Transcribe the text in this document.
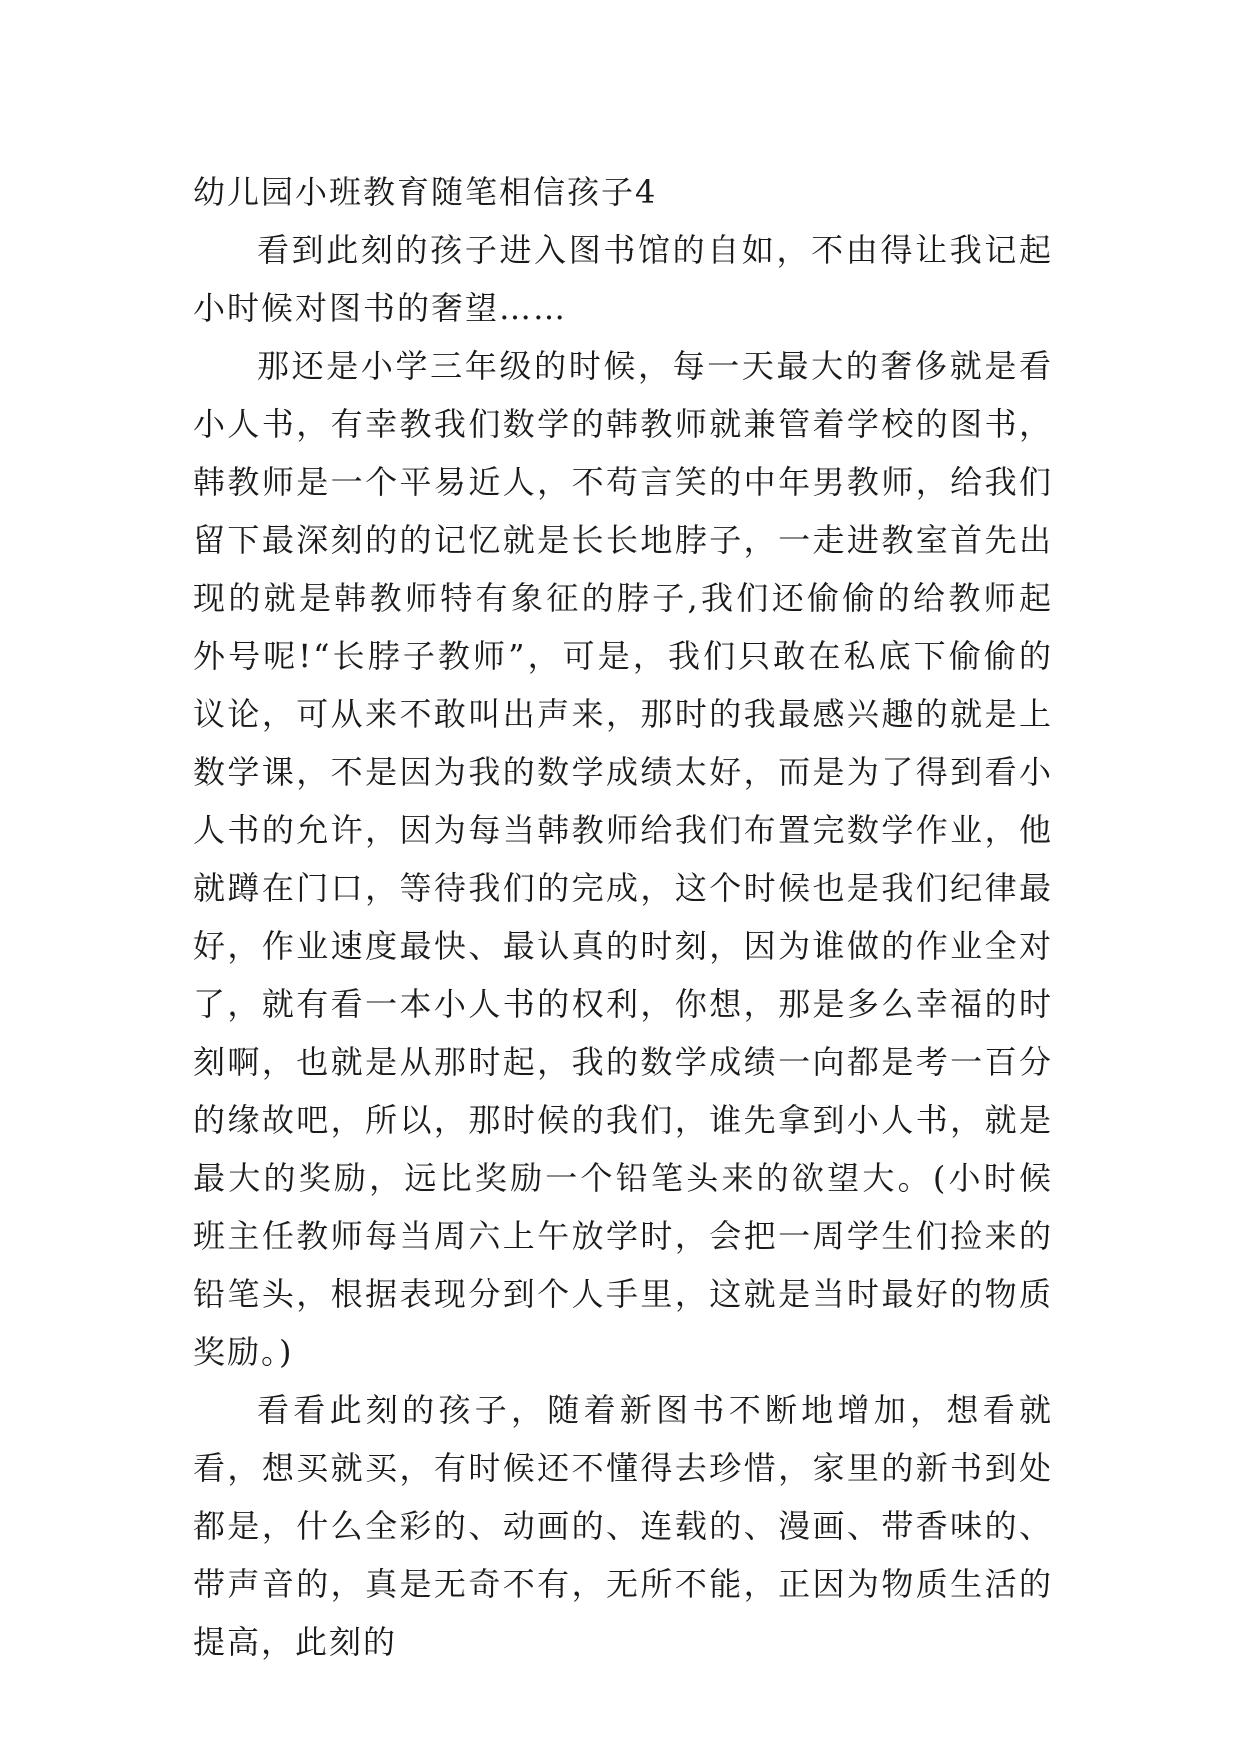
幼儿园小班教育随笔相信孩子4

看到此刻的孩子进入图书馆的自如，不由得让我记起小时候对图书的奢望……

那还是小学三年级的时候，每一天最大的奢侈就是看小人书，有幸教我们数学的韩教师就兼管着学校的图书，韩教师是一个平易近人，不苟言笑的中年男教师，给我们留下最深刻的的记忆就是长长地脖子，一走进教室首先出现的就是韩教师特有象征的脖子,我们还偷偷的给教师起外号呢!“长脖子教师”，可是，我们只敢在私底下偷偷的议论，可从来不敢叫出声来，那时的我最感兴趣的就是上数学课，不是因为我的数学成绩太好，而是为了得到看小人书的允许，因为每当韩教师给我们布置完数学作业，他就蹲在门口，等待我们的完成，这个时候也是我们纪律最好，作业速度最快、最认真的时刻，因为谁做的作业全对了，就有看一本小人书的权利，你想，那是多么幸福的时刻啊，也就是从那时起，我的数学成绩一向都是考一百分的缘故吧，所以，那时候的我们，谁先拿到小人书，就是最大的奖励，远比奖励一个铅笔头来的欲望大。(小时候班主任教师每当周六上午放学时，会把一周学生们捡来的铅笔头，根据表现分到个人手里，这就是当时最好的物质奖励。)

看看此刻的孩子，随着新图书不断地增加，想看就看，想买就买，有时候还不懂得去珍惜，家里的新书到处都是，什么全彩的、动画的、连载的、漫画、带香味的、带声音的，真是无奇不有，无所不能，正因为物质生活的提高，此刻的
